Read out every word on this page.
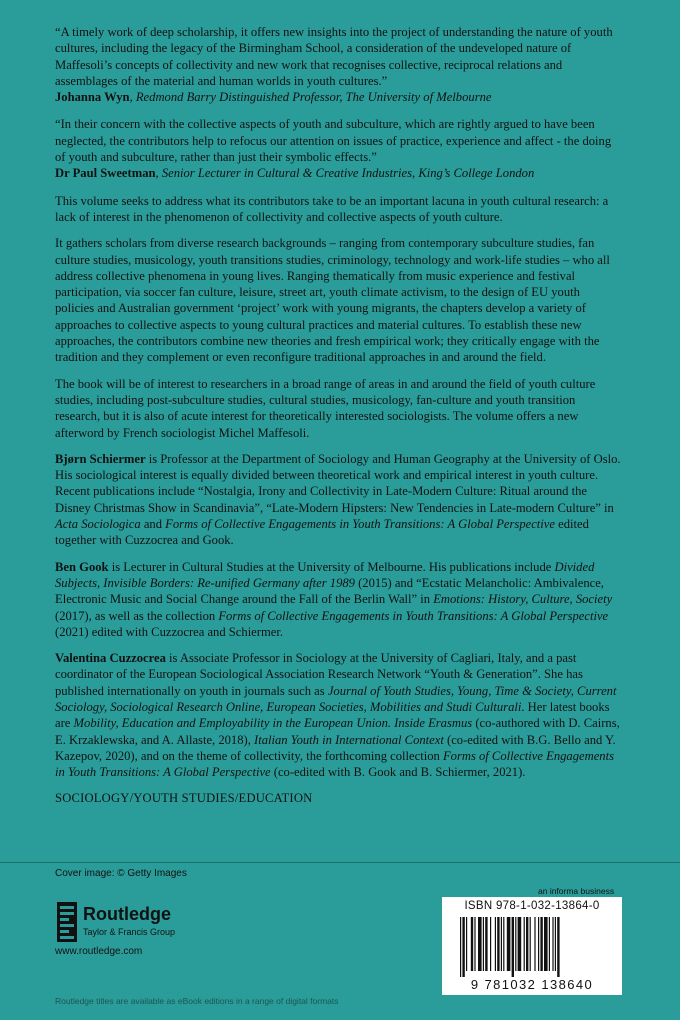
“A timely work of deep scholarship, it offers new insights into the project of understanding the nature of youth cultures, including the legacy of the Birmingham School, a consideration of the undeveloped nature of Maffesoli’s concepts of collectivity and new work that recognises collective, reciprocal relations and assemblages of the material and human worlds in youth cultures.”

Johanna Wyn, Redmond Barry Distinguished Professor, The University of Melbourne

“In their concern with the collective aspects of youth and subculture, which are rightly argued to have been neglected, the contributors help to refocus our attention on issues of practice, experience and affect - the doing of youth and subculture, rather than just their symbolic effects.”

Dr Paul Sweetman, Senior Lecturer in Cultural & Creative Industries, King’s College London

This volume seeks to address what its contributors take to be an important lacuna in youth cultural research: a lack of interest in the phenomenon of collectivity and collective aspects of youth culture.

It gathers scholars from diverse research backgrounds – ranging from contemporary subculture studies, fan culture studies, musicology, youth transitions studies, criminology, technology and work-life studies – who all address collective phenomena in young lives. Ranging thematically from music experience and festival participation, via soccer fan culture, leisure, street art, youth climate activism, to the design of EU youth policies and Australian government ‘project’ work with young migrants, the chapters develop a variety of approaches to collective aspects to young cultural practices and material cultures. To establish these new approaches, the contributors combine new theories and fresh empirical work; they critically engage with the tradition and they complement or even reconfigure traditional approaches in and around the field.

The book will be of interest to researchers in a broad range of areas in and around the field of youth culture studies, including post-subculture studies, cultural studies, musicology, fan-culture and youth transition research, but it is also of acute interest for theoretically interested sociologists. The volume offers a new afterword by French sociologist Michel Maffesoli.

Bjørn Schiermer is Professor at the Department of Sociology and Human Geography at the University of Oslo. His sociological interest is equally divided between theoretical work and empirical interest in youth culture. Recent publications include “Nostalgia, Irony and Collectivity in Late-Modern Culture: Ritual around the Disney Christmas Show in Scandinavia”, “Late-Modern Hipsters: New Tendencies in Late-modern Culture” in Acta Sociologica and Forms of Collective Engagements in Youth Transitions: A Global Perspective edited together with Cuzzocrea and Gook.

Ben Gook is Lecturer in Cultural Studies at the University of Melbourne. His publications include Divided Subjects, Invisible Borders: Re-unified Germany after 1989 (2015) and “Ecstatic Melancholic: Ambivalence, Electronic Music and Social Change around the Fall of the Berlin Wall” in Emotions: History, Culture, Society (2017), as well as the collection Forms of Collective Engagements in Youth Transitions: A Global Perspective (2021) edited with Cuzzocrea and Schiermer.

Valentina Cuzzocrea is Associate Professor in Sociology at the University of Cagliari, Italy, and a past coordinator of the European Sociological Association Research Network “Youth & Generation”. She has published internationally on youth in journals such as Journal of Youth Studies, Young, Time & Society, Current Sociology, Sociological Research Online, European Societies, Mobilities and Studi Culturali. Her latest books are Mobility, Education and Employability in the European Union. Inside Erasmus (co-authored with D. Cairns, E. Krzaklewska, and A. Allaste, 2018), Italian Youth in International Context (co-edited with B.G. Bello and Y. Kazepov, 2020), and on the theme of collectivity, the forthcoming collection Forms of Collective Engagements in Youth Transitions: A Global Perspective (co-edited with B. Gook and B. Schiermer, 2021).

SOCIOLOGY/YOUTH STUDIES/EDUCATION
Cover image: © Getty Images
Routledge
Taylor & Francis Group
www.routledge.com
Routledge titles are available as eBook editions in a range of digital formats
an informa business
ISBN 978-1-032-13864-0
9 781032 138640
